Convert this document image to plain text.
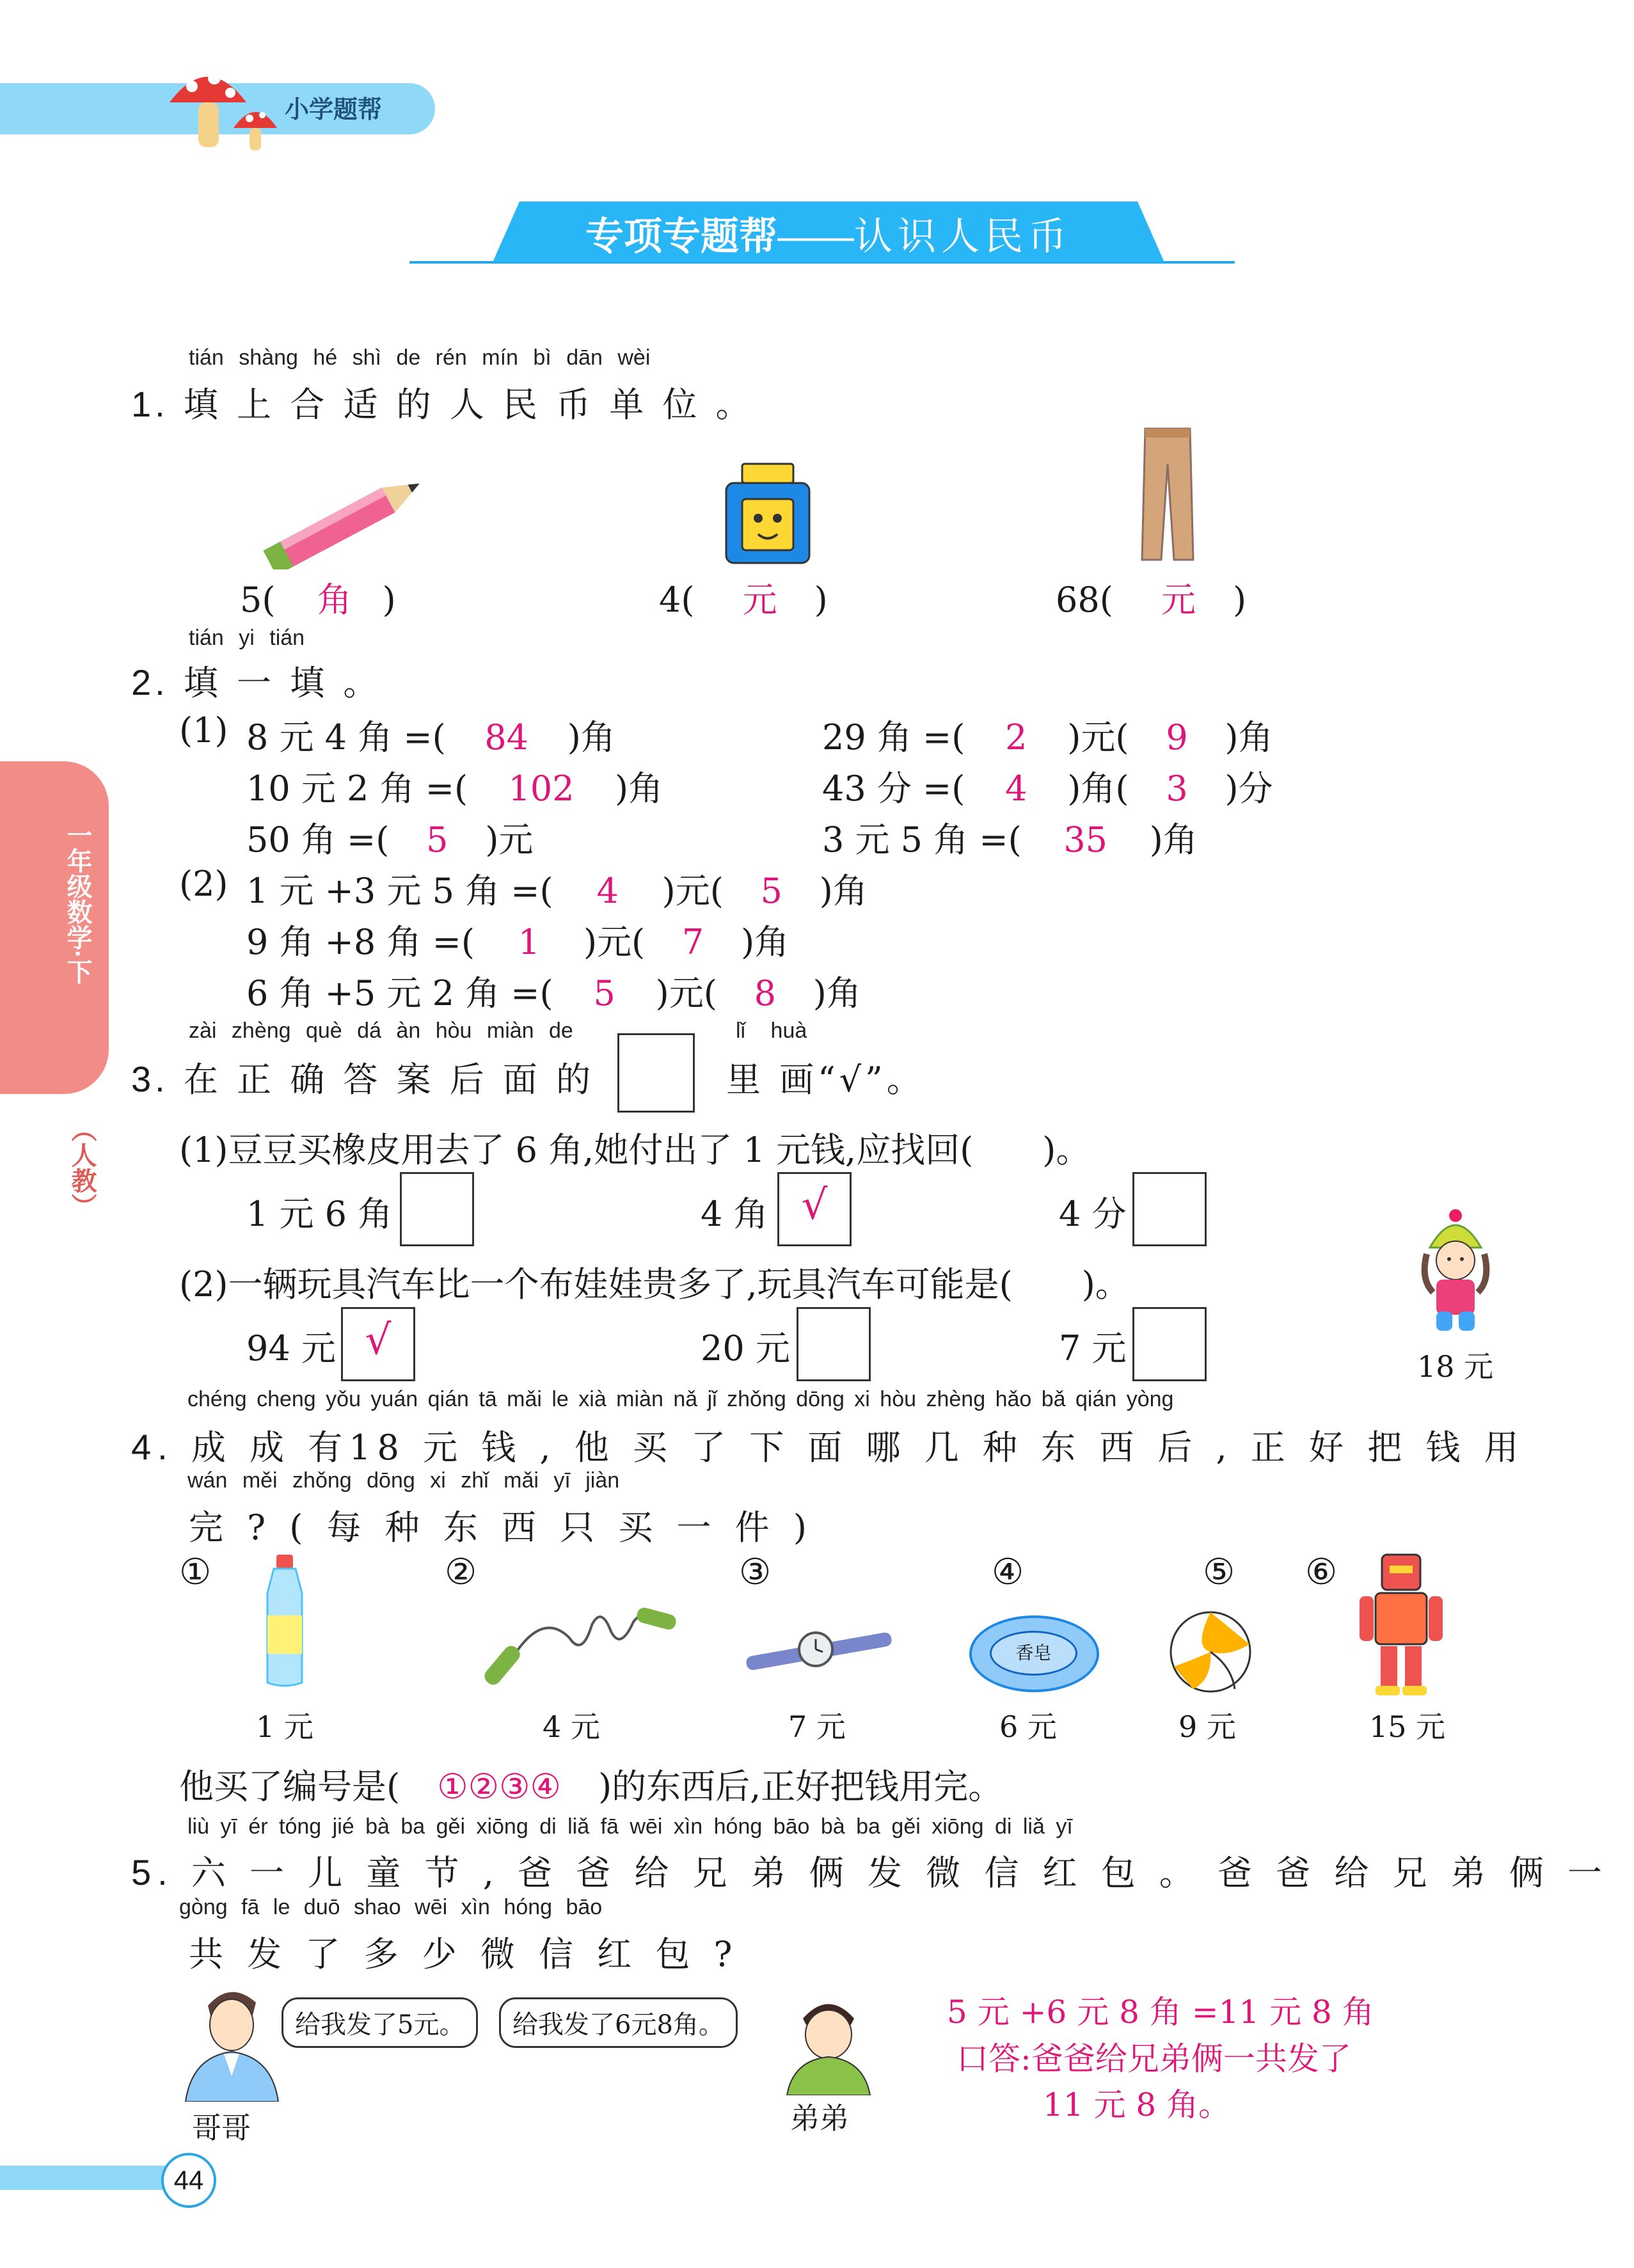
小学题帮
专项专题帮——认识人民币
一年级数学·下
（人教）
tián shàng hé shì de rén mín bì dān wèi
1. 填 上 合 适 的 人 民 币 单 位 。
5( 角 )	4( 元 )	68( 元 )
tián yi tián
2. 填 一 填 。
(1) 8 元 4 角 =( 84 )角	29 角 =( 2 )元( 9 )角
10 元 2 角 =( 102 )角	43 分 =( 4 )角( 3 )分
50 角 =( 5 )元	3 元 5 角 =( 35 )角
(2) 1 元 +3 元 5 角 =( 4 )元( 5 )角
9 角 +8 角 =( 1 )元( 7 )角
6 角 +5 元 2 角 =( 5 )元( 8 )角
zài zhèng què dá àn hòu miàn de	lǐ huà
3. 在 正 确 答 案 后 面 的	里 画“√”。
(1)豆豆买橡皮用去了 6 角,她付出了 1 元钱,应找回(　　)。
1 元 6 角	4 角 √	4 分
(2)一辆玩具汽车比一个布娃娃贵多了,玩具汽车可能是(　　)。
94 元 √	20 元	7 元	18 元
chéng cheng yǒu yuán qián tā mǎi le xià miàn nǎ jǐ zhǒng dōng xi hòu zhèng hǎo bǎ qián yòng
4. 成 成 有18 元 钱 , 他 买 了 下 面 哪 几 种 东 西 后 , 正 好 把 钱 用
wán měi zhǒng dōng xi zhǐ mǎi yī jiàn
完 ? ( 每 种 东 西 只 买 一 件 )
①	②	③	④	⑤ ⑥
香皂
1 元	4 元	7 元	6 元	9 元	15 元
他买了编号是( ①②③④ )的东西后,正好把钱用完。
liù yī ér tóng jié bà ba gěi xiōng di liǎ fā wēi xìn hóng bāo bà ba gěi xiōng di liǎ yī
5. 六 一 儿 童 节 , 爸 爸 给 兄 弟 俩 发 微 信 红 包 。 爸 爸 给 兄 弟 俩 一
gòng fā le duō shao wēi xìn hóng bāo
共 发 了 多 少 微 信 红 包 ?
哥哥
给我发了5元。	给我发了6元8角。
弟弟
5 元 +6 元 8 角 =11 元 8 角
口答:爸爸给兄弟俩一共发了
11 元 8 角。
44
